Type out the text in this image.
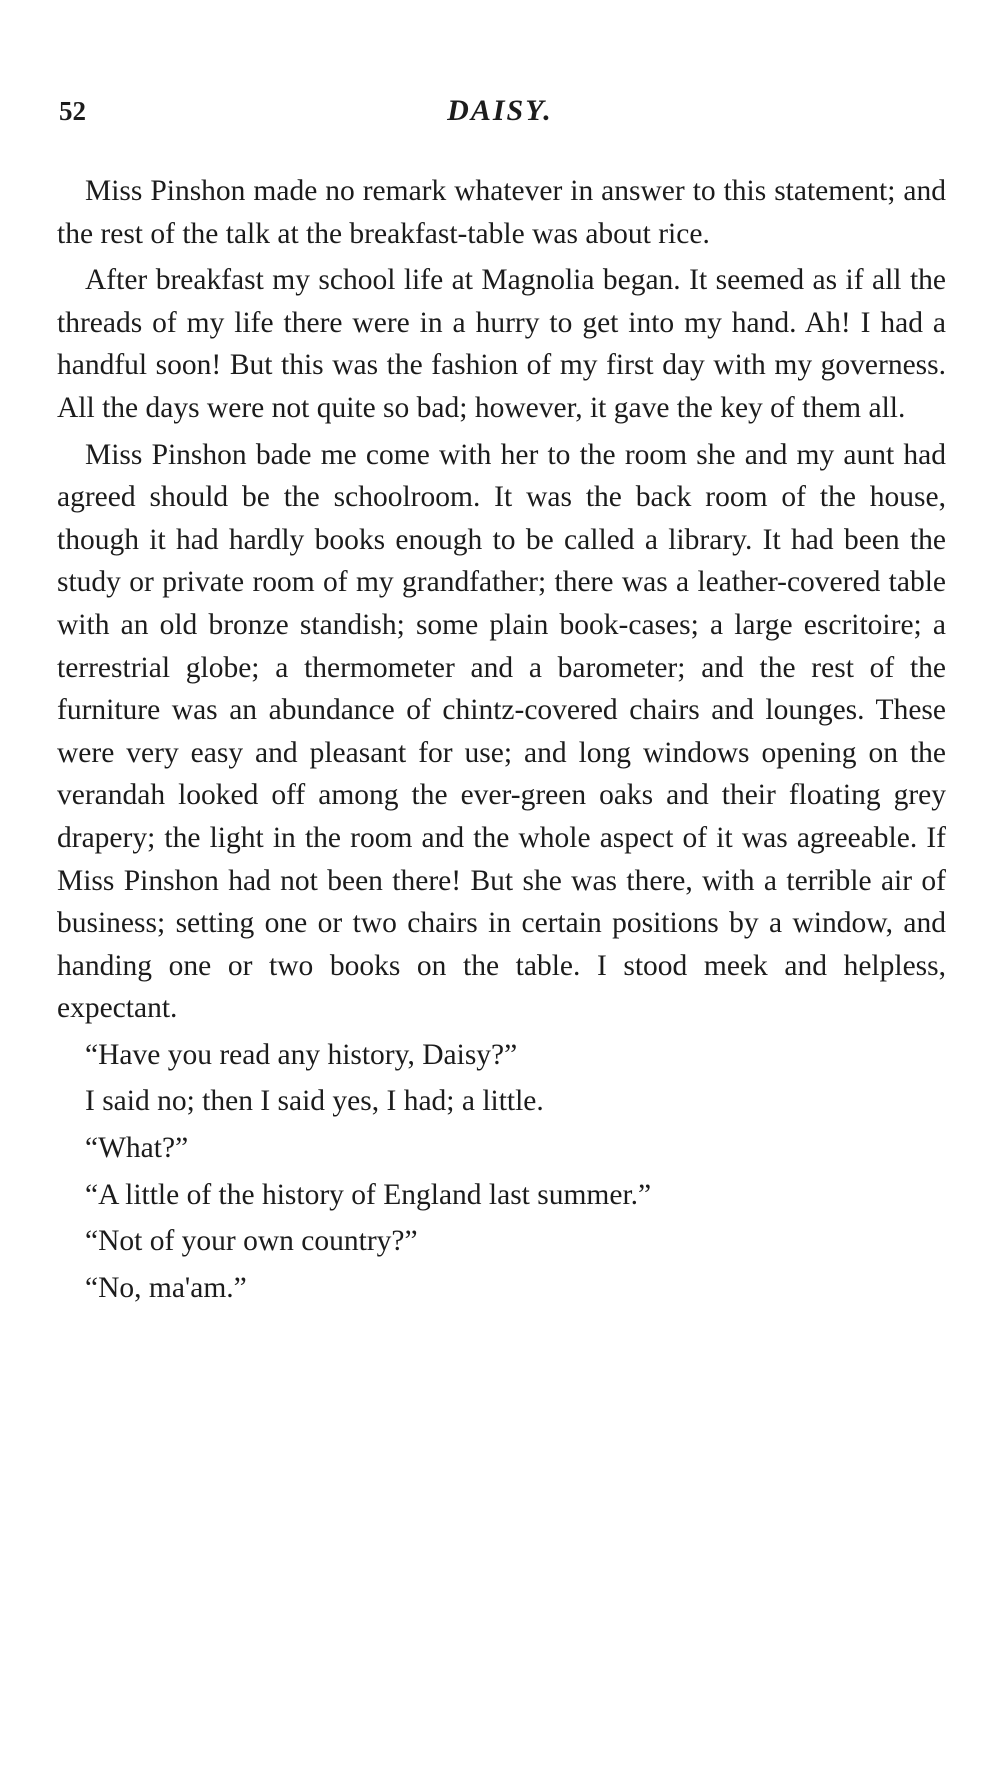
52	DAISY.

Miss Pinshon made no remark whatever in answer to this statement; and the rest of the talk at the breakfast-table was about rice.

After breakfast my school life at Magnolia began. It seemed as if all the threads of my life there were in a hurry to get into my hand. Ah! I had a handful soon! But this was the fashion of my first day with my governess. All the days were not quite so bad; however, it gave the key of them all.

Miss Pinshon bade me come with her to the room she and my aunt had agreed should be the schoolroom. It was the back room of the house, though it had hardly books enough to be called a library. It had been the study or private room of my grandfather; there was a leather-covered table with an old bronze standish; some plain book-cases; a large escritoire; a terrestrial globe; a thermometer and a barometer; and the rest of the furniture was an abundance of chintz-covered chairs and lounges. These were very easy and pleasant for use; and long windows opening on the verandah looked off among the ever-green oaks and their floating grey drapery; the light in the room and the whole aspect of it was agreeable. If Miss Pinshon had not been there! But she was there, with a terrible air of business; setting one or two chairs in certain positions by a window, and handing one or two books on the table. I stood meek and helpless, expectant.

“Have you read any history, Daisy?”

I said no; then I said yes, I had; a little.

“What?”

“A little of the history of England last summer.”

“Not of your own country?”

“No, ma'am.”
